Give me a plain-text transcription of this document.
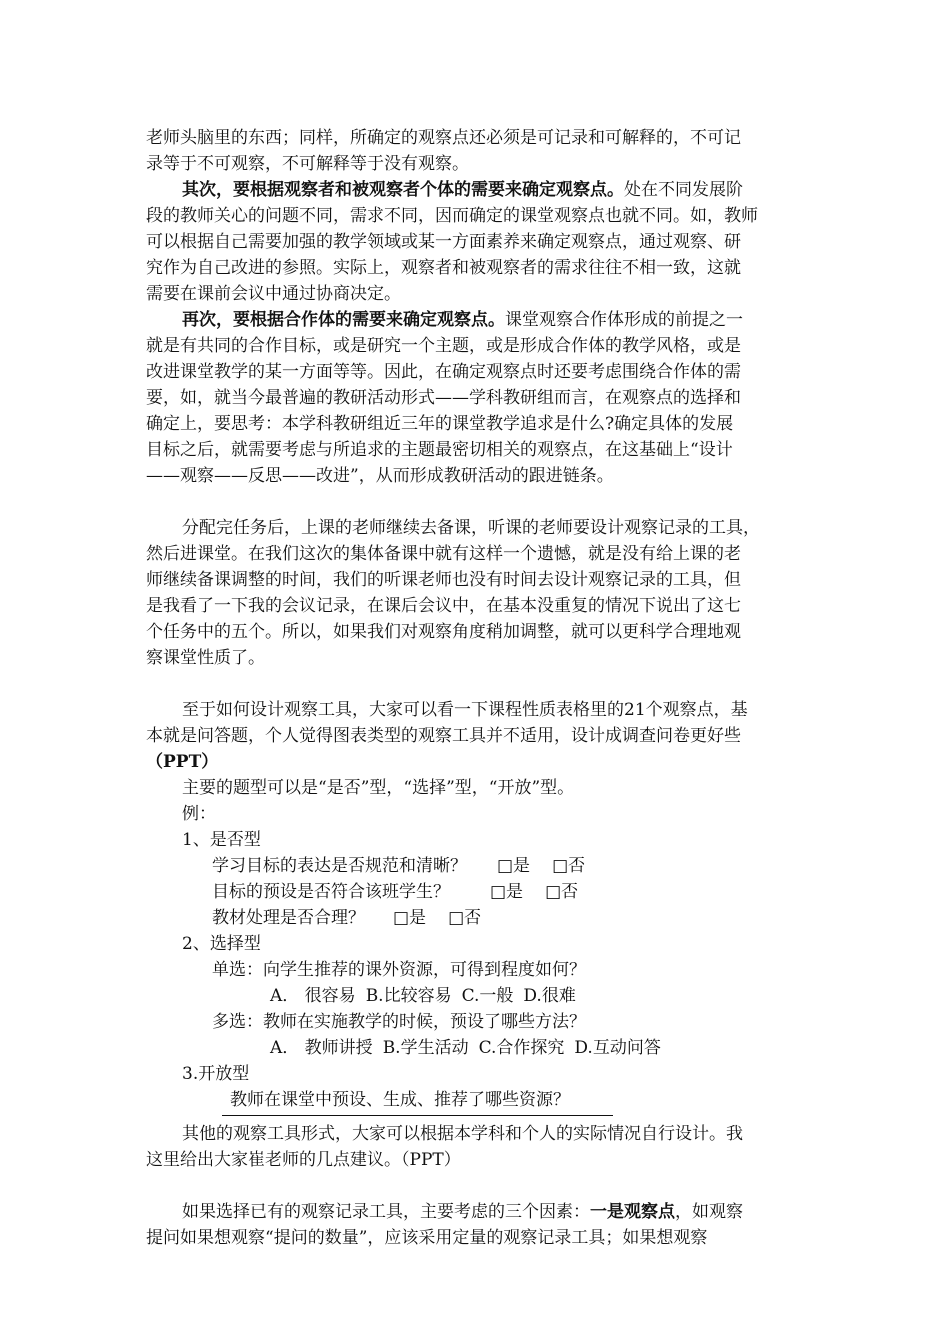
老师头脑里的东西；同样，所确定的观察点还必须是可记录和可解释的，不可记
录等于不可观察，不可解释等于没有观察。
其次，要根据观察者和被观察者个体的需要来确定观察点。处在不同发展阶
段的教师关心的问题不同，需求不同，因而确定的课堂观察点也就不同。如，教师
可以根据自己需要加强的教学领域或某一方面素养来确定观察点，通过观察、研
究作为自己改进的参照。实际上，观察者和被观察者的需求往往不相一致，这就
需要在课前会议中通过协商决定。
再次，要根据合作体的需要来确定观察点。课堂观察合作体形成的前提之一
就是有共同的合作目标，或是研究一个主题，或是形成合作体的教学风格，或是
改进课堂教学的某一方面等等。因此，在确定观察点时还要考虑围绕合作体的需
要，如，就当今最普遍的教研活动形式——学科教研组而言，在观察点的选择和
确定上，要思考：本学科教研组近三年的课堂教学追求是什么?确定具体的发展
目标之后，就需要考虑与所追求的主题最密切相关的观察点，在这基础上“设计
——观察——反思——改进”，从而形成教研活动的跟进链条。
分配完任务后，上课的老师继续去备课，听课的老师要设计观察记录的工具，
然后进课堂。在我们这次的集体备课中就有这样一个遗憾，就是没有给上课的老
师继续备课调整的时间，我们的听课老师也没有时间去设计观察记录的工具，但
是我看了一下我的会议记录，在课后会议中，在基本没重复的情况下说出了这七
个任务中的五个。所以，如果我们对观察角度稍加调整，就可以更科学合理地观
察课堂性质了。
至于如何设计观察工具，大家可以看一下课程性质表格里的21个观察点，基
本就是问答题，个人觉得图表类型的观察工具并不适用，设计成调查问卷更好些
（PPT）
主要的题型可以是“是否”型，“选择”型，“开放”型。
例：
1、是否型
学习目标的表达是否规范和清晰？ □是 □否
目标的预设是否符合该班学生？ □是 □否
教材处理是否合理？ □是 □否
2、选择型
单选：向学生推荐的课外资源，可得到程度如何？
A． 很容易 B.比较容易 C.一般 D.很难
多选：教师在实施教学的时候，预设了哪些方法？
A． 教师讲授 B.学生活动 C.合作探究 D.互动问答
3.开放型
教师在课堂中预设、生成、推荐了哪些资源？
其他的观察工具形式，大家可以根据本学科和个人的实际情况自行设计。我
这里给出大家崔老师的几点建议。（PPT）
如果选择已有的观察记录工具，主要考虑的三个因素：一是观察点，如观察
提问如果想观察“提问的数量”，应该采用定量的观察记录工具；如果想观察
